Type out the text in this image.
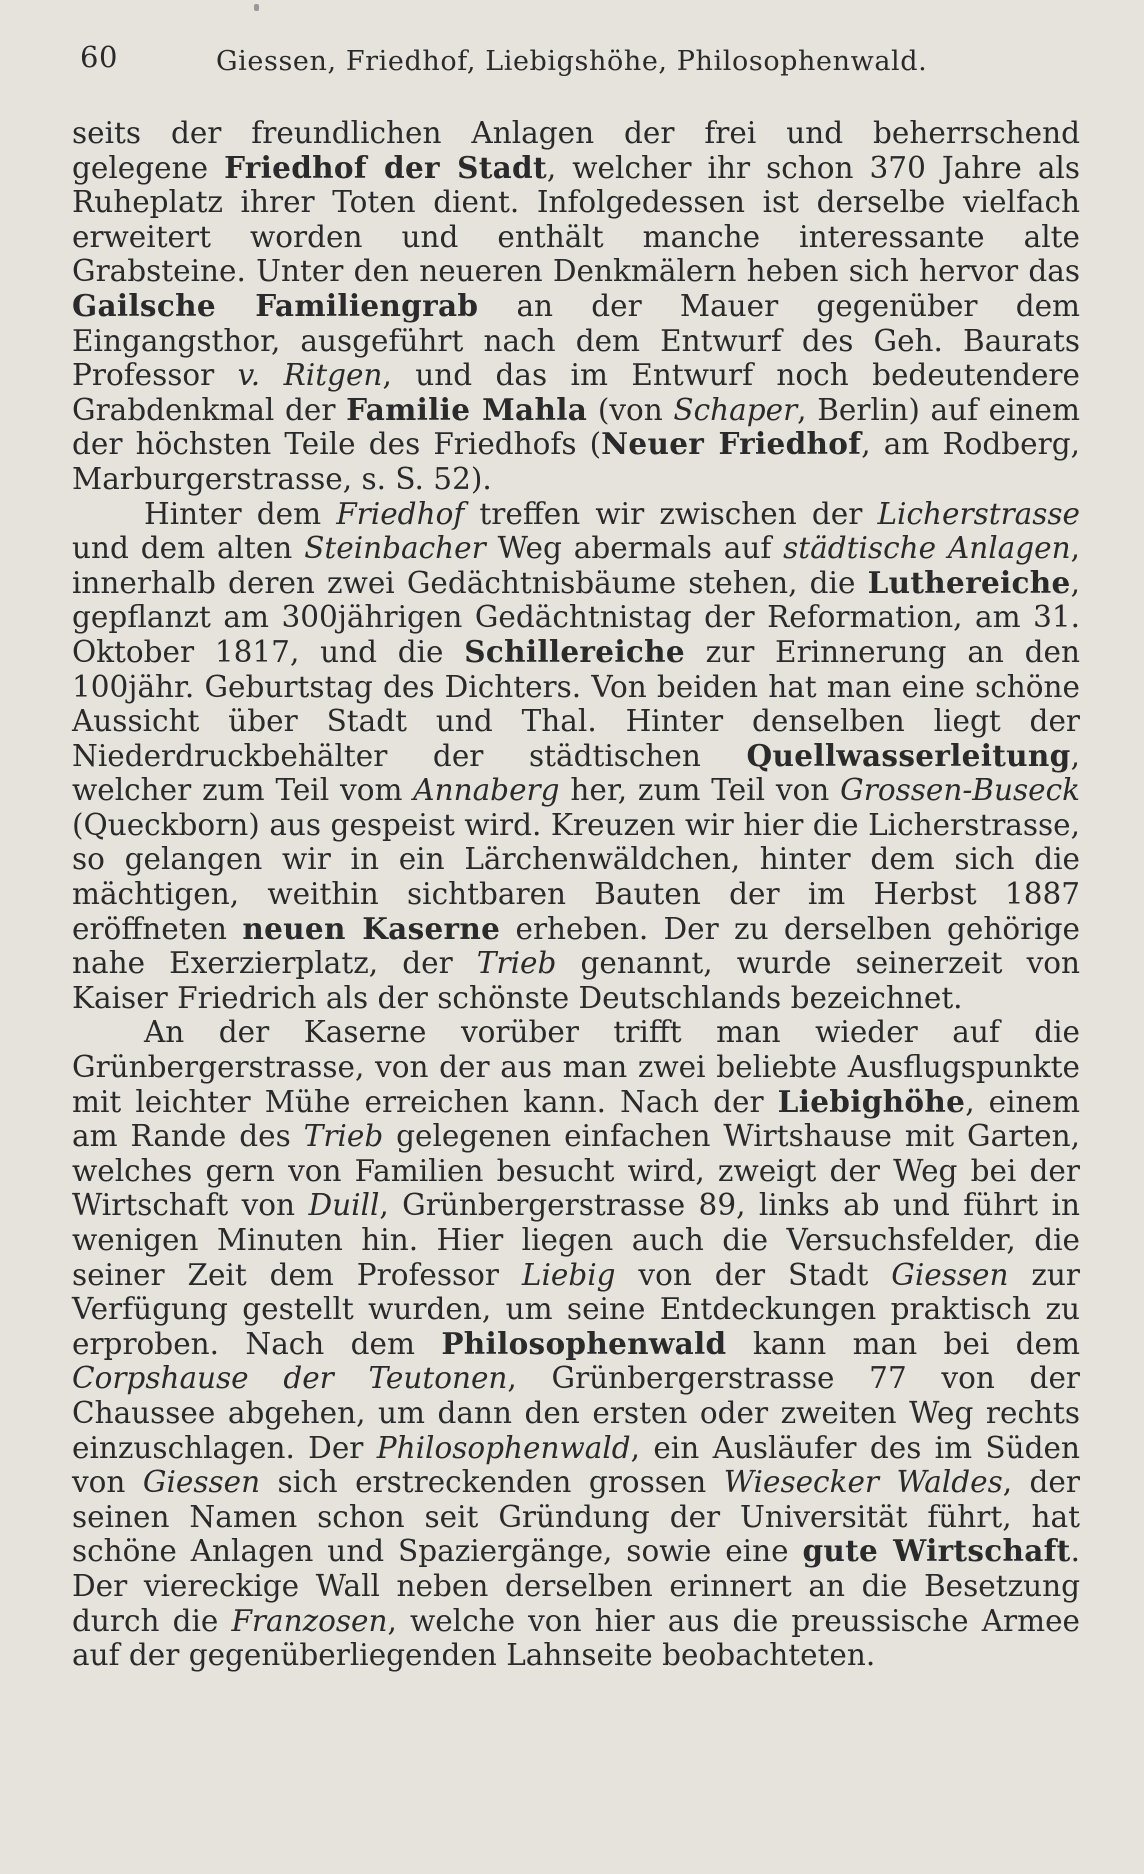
60	Giessen, Friedhof, Liebigshöhe, Philosophenwald.

seits der freundlichen Anlagen der frei und beherrschend gelegene Friedhof der Stadt, welcher ihr schon 370 Jahre als Ruheplatz ihrer Toten dient. Infolgedessen ist derselbe vielfach erweitert worden und enthält manche interessante alte Grabsteine. Unter den neueren Denkmälern heben sich hervor das Gailsche Familiengrab an der Mauer gegenüber dem Eingangsthor, ausgeführt nach dem Entwurf des Geh. Baurats Professor v. Ritgen, und das im Entwurf noch bedeutendere Grabdenkmal der Familie Mahla (von Schaper, Berlin) auf einem der höchsten Teile des Friedhofs (Neuer Friedhof, am Rodberg, Marburgerstrasse, s. S. 52).

Hinter dem Friedhof treffen wir zwischen der Licherstrasse und dem alten Steinbacher Weg abermals auf städtische Anlagen, innerhalb deren zwei Gedächtnisbäume stehen, die Luthereiche, gepflanzt am 300jährigen Gedächtnistag der Reformation, am 31. Oktober 1817, und die Schillereiche zur Erinnerung an den 100jähr. Geburtstag des Dichters. Von beiden hat man eine schöne Aussicht über Stadt und Thal. Hinter denselben liegt der Niederdruckbehälter der städtischen Quellwasserleitung, welcher zum Teil vom Annaberg her, zum Teil von Grossen-Buseck (Queckborn) aus gespeist wird. Kreuzen wir hier die Licherstrasse, so gelangen wir in ein Lärchenwäldchen, hinter dem sich die mächtigen, weithin sichtbaren Bauten der im Herbst 1887 eröffneten neuen Kaserne erheben. Der zu derselben gehörige nahe Exerzierplatz, der Trieb genannt, wurde seinerzeit von Kaiser Friedrich als der schönste Deutschlands bezeichnet.

An der Kaserne vorüber trifft man wieder auf die Grünbergerstrasse, von der aus man zwei beliebte Ausflugspunkte mit leichter Mühe erreichen kann. Nach der Liebighöhe, einem am Rande des Trieb gelegenen einfachen Wirtshause mit Garten, welches gern von Familien besucht wird, zweigt der Weg bei der Wirtschaft von Duill, Grünbergerstrasse 89, links ab und führt in wenigen Minuten hin. Hier liegen auch die Versuchsfelder, die seiner Zeit dem Professor Liebig von der Stadt Giessen zur Verfügung gestellt wurden, um seine Entdeckungen praktisch zu erproben. Nach dem Philosophenwald kann man bei dem Corpshause der Teutonen, Grünbergerstrasse 77 von der Chaussee abgehen, um dann den ersten oder zweiten Weg rechts einzuschlagen. Der Philosophenwald, ein Ausläufer des im Süden von Giessen sich erstreckenden grossen Wiesecker Waldes, der seinen Namen schon seit Gründung der Universität führt, hat schöne Anlagen und Spaziergänge, sowie eine gute Wirtschaft. Der viereckige Wall neben derselben erinnert an die Besetzung durch die Franzosen, welche von hier aus die preussische Armee auf der gegenüberliegenden Lahnseite beobachteten.
